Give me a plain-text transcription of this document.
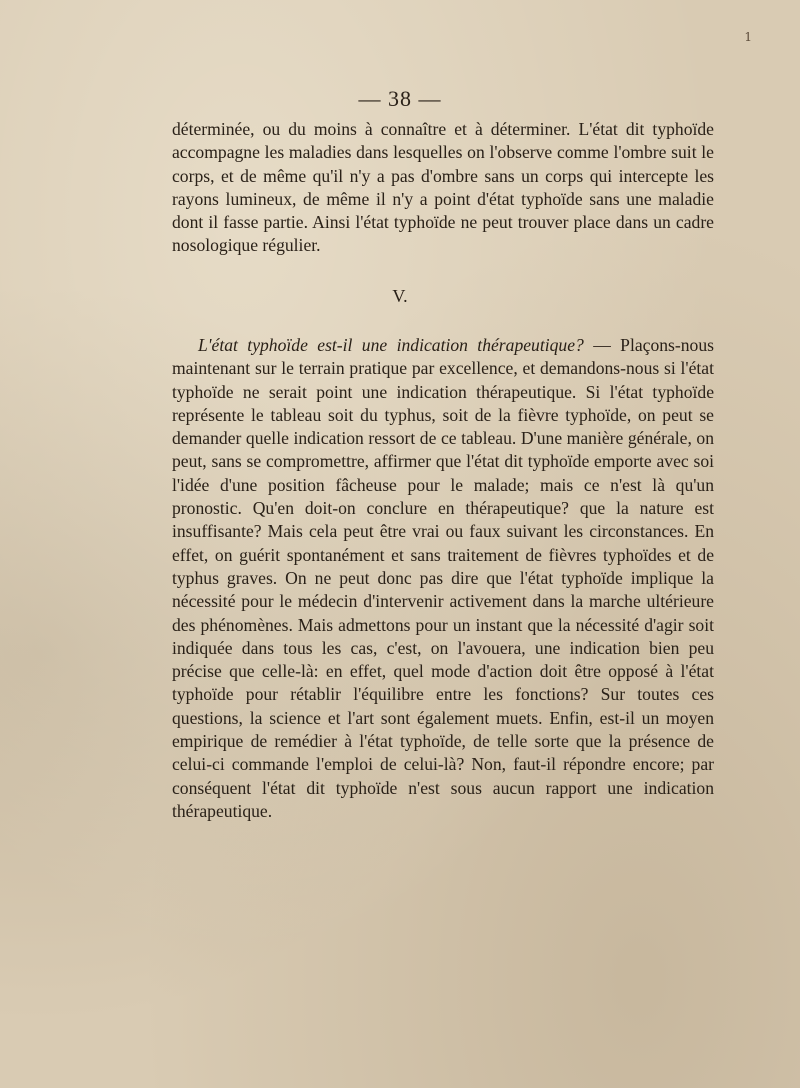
1
— 38 —
déterminée, ou du moins à connaître et à déterminer. L'état dit typhoïde accompagne les maladies dans lesquelles on l'observe comme l'ombre suit le corps, et de même qu'il n'y a pas d'ombre sans un corps qui intercepte les rayons lumineux, de même il n'y a point d'état typhoïde sans une maladie dont il fasse partie. Ainsi l'état typhoïde ne peut trouver place dans un cadre nosologique régulier.
V.
L'état typhoïde est-il une indication thérapeutique? — Plaçons-nous maintenant sur le terrain pratique par excellence, et demandons-nous si l'état typhoïde ne serait point une indication thérapeutique. Si l'état typhoïde représente le tableau soit du typhus, soit de la fièvre typhoïde, on peut se demander quelle indication ressort de ce tableau. D'une manière générale, on peut, sans se compromettre, affirmer que l'état dit typhoïde emporte avec soi l'idée d'une position fâcheuse pour le malade; mais ce n'est là qu'un pronostic. Qu'en doit-on conclure en thérapeutique? que la nature est insuffisante? Mais cela peut être vrai ou faux suivant les circonstances. En effet, on guérit spontanément et sans traitement de fièvres typhoïdes et de typhus graves. On ne peut donc pas dire que l'état typhoïde implique la nécessité pour le médecin d'intervenir activement dans la marche ultérieure des phénomènes. Mais admettons pour un instant que la nécessité d'agir soit indiquée dans tous les cas, c'est, on l'avouera, une indication bien peu précise que celle-là: en effet, quel mode d'action doit être opposé à l'état typhoïde pour rétablir l'équilibre entre les fonctions? Sur toutes ces questions, la science et l'art sont également muets. Enfin, est-il un moyen empirique de remédier à l'état typhoïde, de telle sorte que la présence de celui-ci commande l'emploi de celui-là? Non, faut-il répondre encore; par conséquent l'état dit typhoïde n'est sous aucun rapport une indication thérapeutique.
